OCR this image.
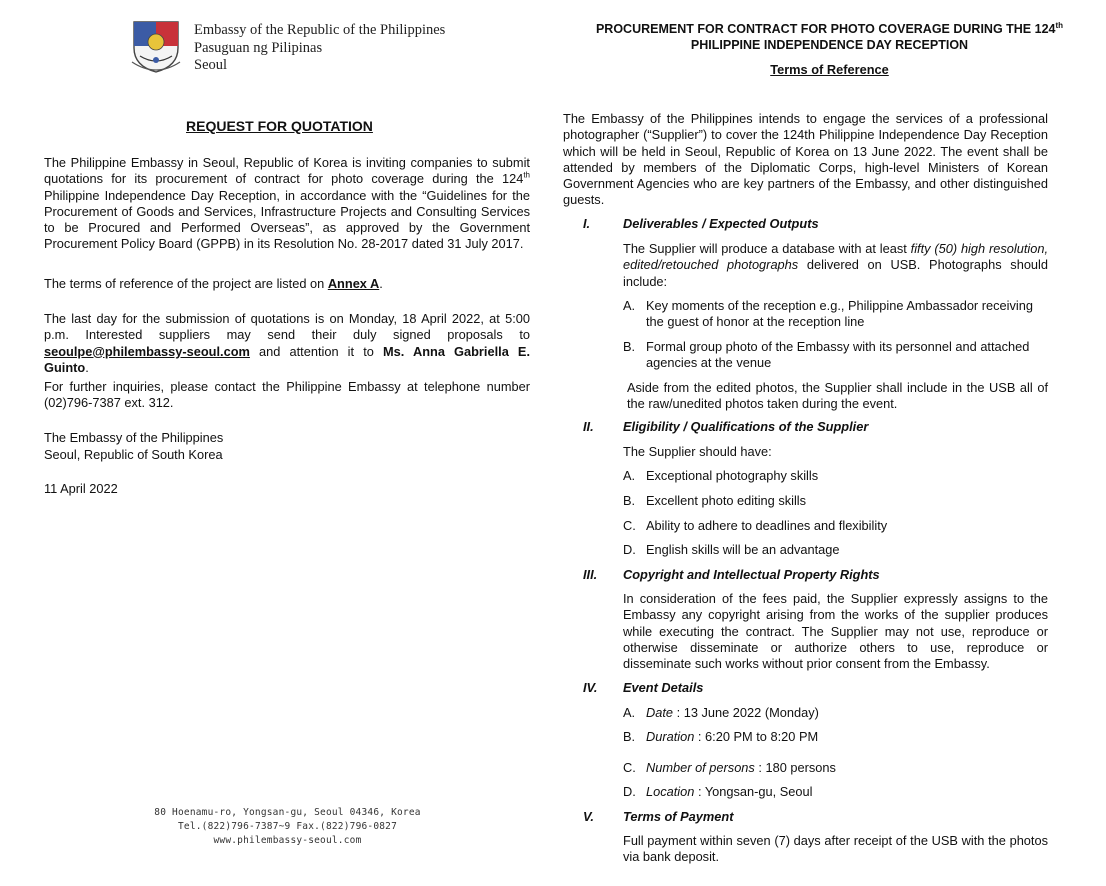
Embassy of the Republic of the Philippines
Pasuguan ng Pilipinas
Seoul
REQUEST FOR QUOTATION
The Philippine Embassy in Seoul, Republic of Korea is inviting companies to submit quotations for its procurement of contract for photo coverage during the 124th Philippine Independence Day Reception, in accordance with the “Guidelines for the Procurement of Goods and Services, Infrastructure Projects and Consulting Services to be Procured and Performed Overseas”, as approved by the Government Procurement Policy Board (GPPB) in its Resolution No. 28-2017 dated 31 July 2017.
The terms of reference of the project are listed on Annex A.
The last day for the submission of quotations is on Monday, 18 April 2022, at 5:00 p.m. Interested suppliers may send their duly signed proposals to seoulpe@philembassy-seoul.com and attention it to Ms. Anna Gabriella E. Guinto.
For further inquiries, please contact the Philippine Embassy at telephone number (02)796-7387 ext. 312.
The Embassy of the Philippines
Seoul, Republic of South Korea
11 April 2022
80 Hoenamu-ro, Yongsan-gu, Seoul 04346, Korea
Tel.(822)796-7387~9 Fax.(822)796-0827
www.philembassy-seoul.com
PROCUREMENT FOR CONTRACT FOR PHOTO COVERAGE DURING THE 124th
PHILIPPINE INDEPENDENCE DAY RECEPTION
Terms of Reference
The Embassy of the Philippines intends to engage the services of a professional photographer (“Supplier”) to cover the 124th Philippine Independence Day Reception which will be held in Seoul, Republic of Korea on 13 June 2022. The event shall be attended by members of the Diplomatic Corps, high-level Ministers of Korean Government Agencies who are key partners of the Embassy, and other distinguished guests.
I.	Deliverables / Expected Outputs
The Supplier will produce a database with at least fifty (50) high resolution, edited/retouched photographs delivered on USB. Photographs should include:
A. Key moments of the reception e.g., Philippine Ambassador receiving the guest of honor at the reception line
B. Formal group photo of the Embassy with its personnel and attached agencies at the venue
Aside from the edited photos, the Supplier shall include in the USB all of the raw/unedited photos taken during the event.
II. Eligibility / Qualifications of the Supplier
The Supplier should have:
A. Exceptional photography skills
B. Excellent photo editing skills
C. Ability to adhere to deadlines and flexibility
D. English skills will be an advantage
III. Copyright and Intellectual Property Rights
In consideration of the fees paid, the Supplier expressly assigns to the Embassy any copyright arising from the works of the supplier produces while executing the contract. The Supplier may not use, reproduce or otherwise disseminate or authorize others to use, reproduce or disseminate such works without prior consent from the Embassy.
IV. Event Details
A. Date : 13 June 2022 (Monday)
B. Duration : 6:20 PM to 8:20 PM
C. Number of persons : 180 persons
D. Location : Yongsan-gu, Seoul
V. Terms of Payment
Full payment within seven (7) days after receipt of the USB with the photos via bank deposit.
